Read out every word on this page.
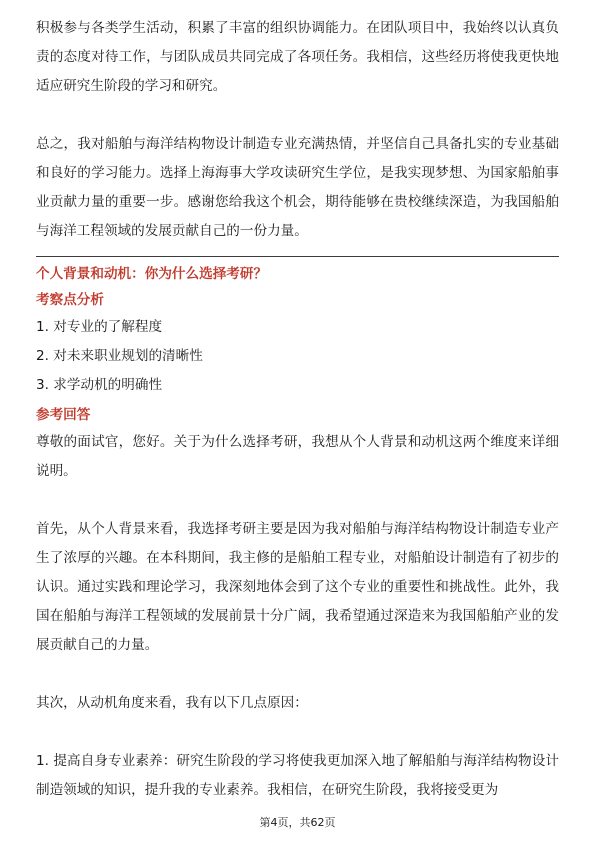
积极参与各类学生活动，积累了丰富的组织协调能力。在团队项目中，我始终以认真负责的态度对待工作，与团队成员共同完成了各项任务。我相信，这些经历将使我更快地适应研究生阶段的学习和研究。

总之，我对船舶与海洋结构物设计制造专业充满热情，并坚信自己具备扎实的专业基础和良好的学习能力。选择上海海事大学攻读研究生学位，是我实现梦想、为国家船舶事业贡献力量的重要一步。感谢您给我这个机会，期待能够在贵校继续深造，为我国船舶与海洋工程领域的发展贡献自己的一份力量。

个人背景和动机：你为什么选择考研？

考察点分析

1. 对专业的了解程度

2. 对未来职业规划的清晰性

3. 求学动机的明确性

参考回答

尊敬的面试官，您好。关于为什么选择考研，我想从个人背景和动机这两个维度来详细说明。

首先，从个人背景来看，我选择考研主要是因为我对船舶与海洋结构物设计制造专业产生了浓厚的兴趣。在本科期间，我主修的是船舶工程专业，对船舶设计制造有了初步的认识。通过实践和理论学习，我深刻地体会到了这个专业的重要性和挑战性。此外，我国在船舶与海洋工程领域的发展前景十分广阔，我希望通过深造来为我国船舶产业的发展贡献自己的力量。

其次，从动机角度来看，我有以下几点原因：

1. 提高自身专业素养：研究生阶段的学习将使我更加深入地了解船舶与海洋结构物设计制造领域的知识，提升我的专业素养。我相信，在研究生阶段，我将接受更为

第4页，共62页
